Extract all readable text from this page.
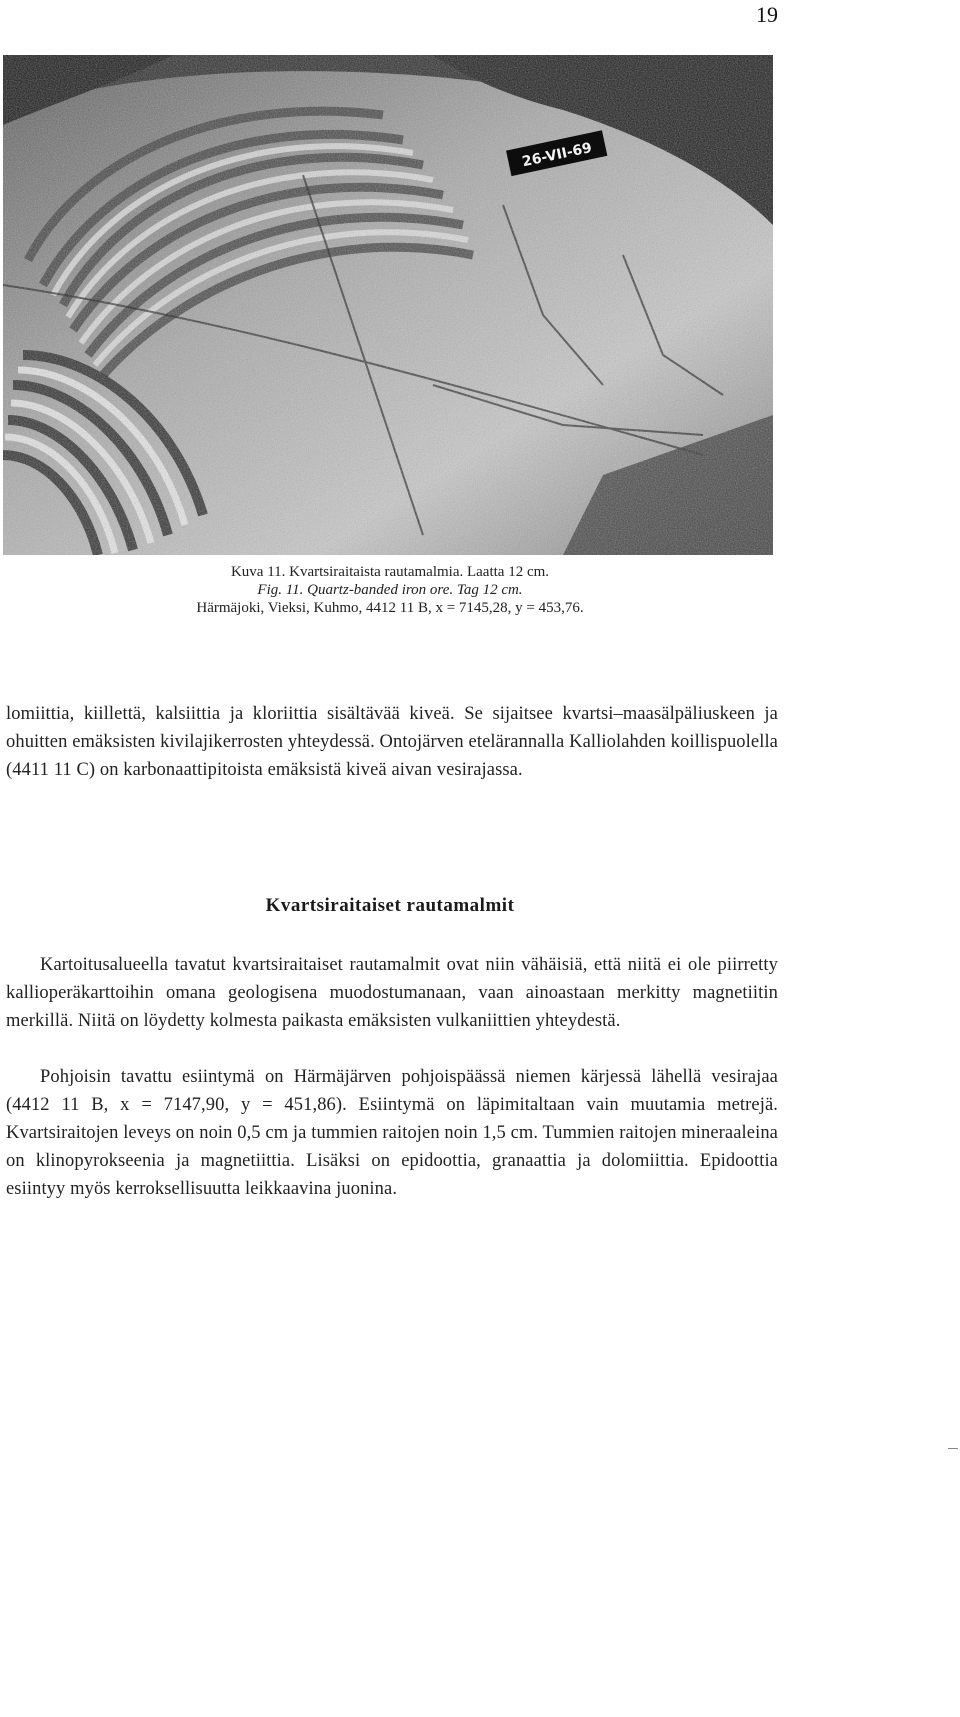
19
26-VII-69
Kuva 11. Kvartsiraitaista rautamalmia. Laatta 12 cm.
Fig. 11. Quartz-banded iron ore. Tag 12 cm.
Härmäjoki, Vieksi, Kuhmo, 4412 11 B, x = 7145,28, y = 453,76.

lomiittia, kiillettä, kalsiittia ja kloriittia sisältävää kiveä. Se sijaitsee kvartsi–maasälpäliuskeen ja ohuitten emäksisten kivilajikerrosten yhteydessä. Ontojärven etelärannalla Kalliolahden koillispuolella (4411 11 C) on karbonaattipitoista emäksistä kiveä aivan vesirajassa.

Kvartsiraitaiset rautamalmit

Kartoitusalueella tavatut kvartsiraitaiset rautamalmit ovat niin vähäisiä, että niitä ei ole piirretty kallioperäkarttoihin omana geologisena muodostumanaan, vaan ainoastaan merkitty magnetiitin merkillä. Niitä on löydetty kolmesta paikasta emäksisten vulkaniittien yhteydestä.

Pohjoisin tavattu esiintymä on Härmäjärven pohjoispäässä niemen kärjessä lähellä vesirajaa (4412 11 B, x = 7147,90, y = 451,86). Esiintymä on läpimitaltaan vain muutamia metrejä. Kvartsiraitojen leveys on noin 0,5 cm ja tummien raitojen noin 1,5 cm. Tummien raitojen mineraaleina on klinopyrokseenia ja magnetiittia. Lisäksi on epidoottia, granaattia ja dolomiittia. Epidoottia esiintyy myös kerroksellisuutta leikkaavina juonina.
